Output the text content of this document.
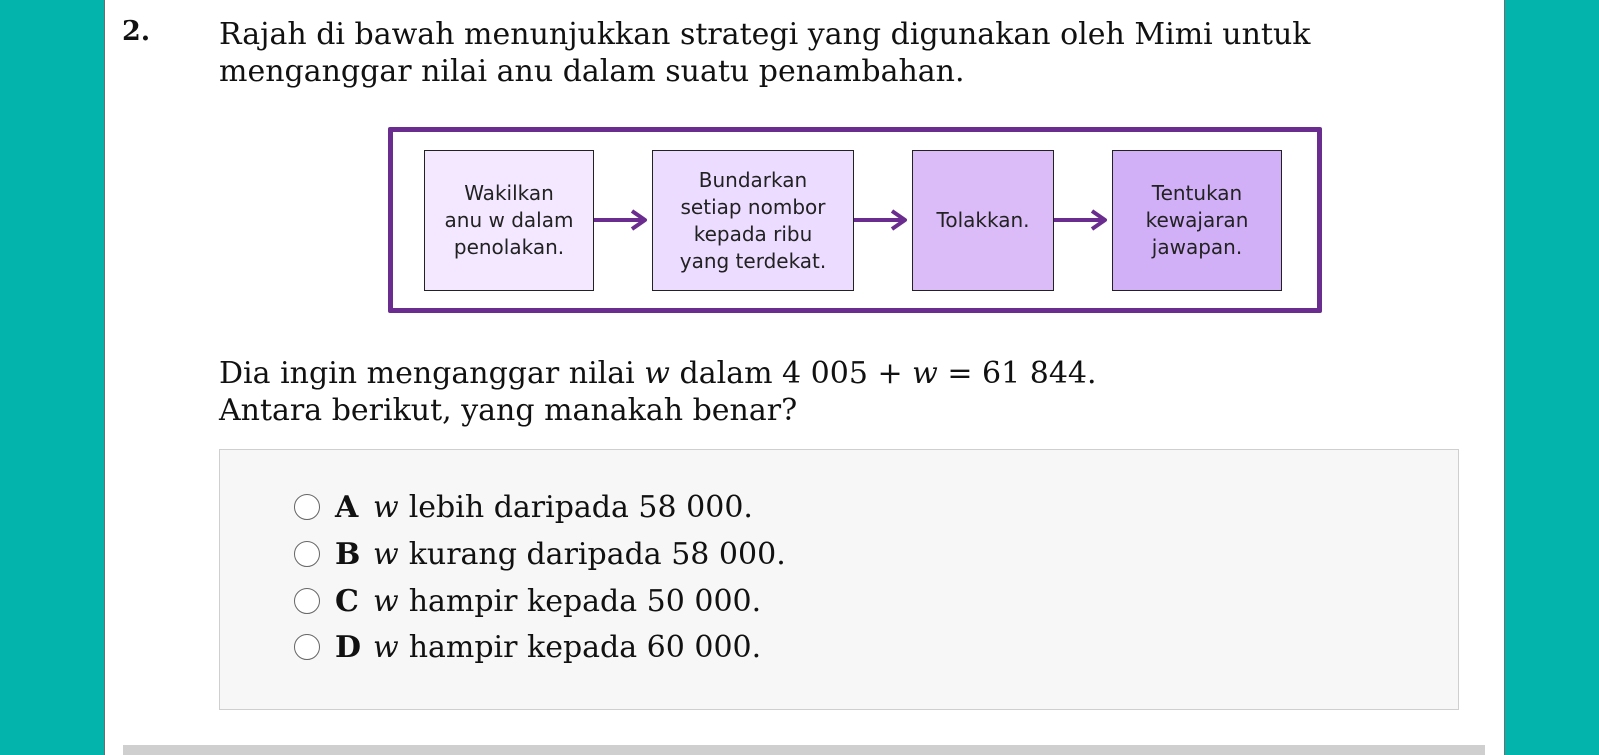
2. Rajah di bawah menunjukkan strategi yang digunakan oleh Mimi untuk

menganggar nilai anu dalam suatu penambahan.

Wakilkan
anu w dalam
penolakan.
Bundarkan
setiap nombor
kepada ribu
yang terdekat.
Tolakkan.
Tentukan
kewajaran
jawapan.
Dia ingin menganggar nilai w dalam 4 005 + w = 61 844.
Antara berikut, yang manakah benar?
A w lebih daripada 58 000.
B w kurang daripada 58 000.
C w hampir kepada 50 000.
D w hampir kepada 60 000.
